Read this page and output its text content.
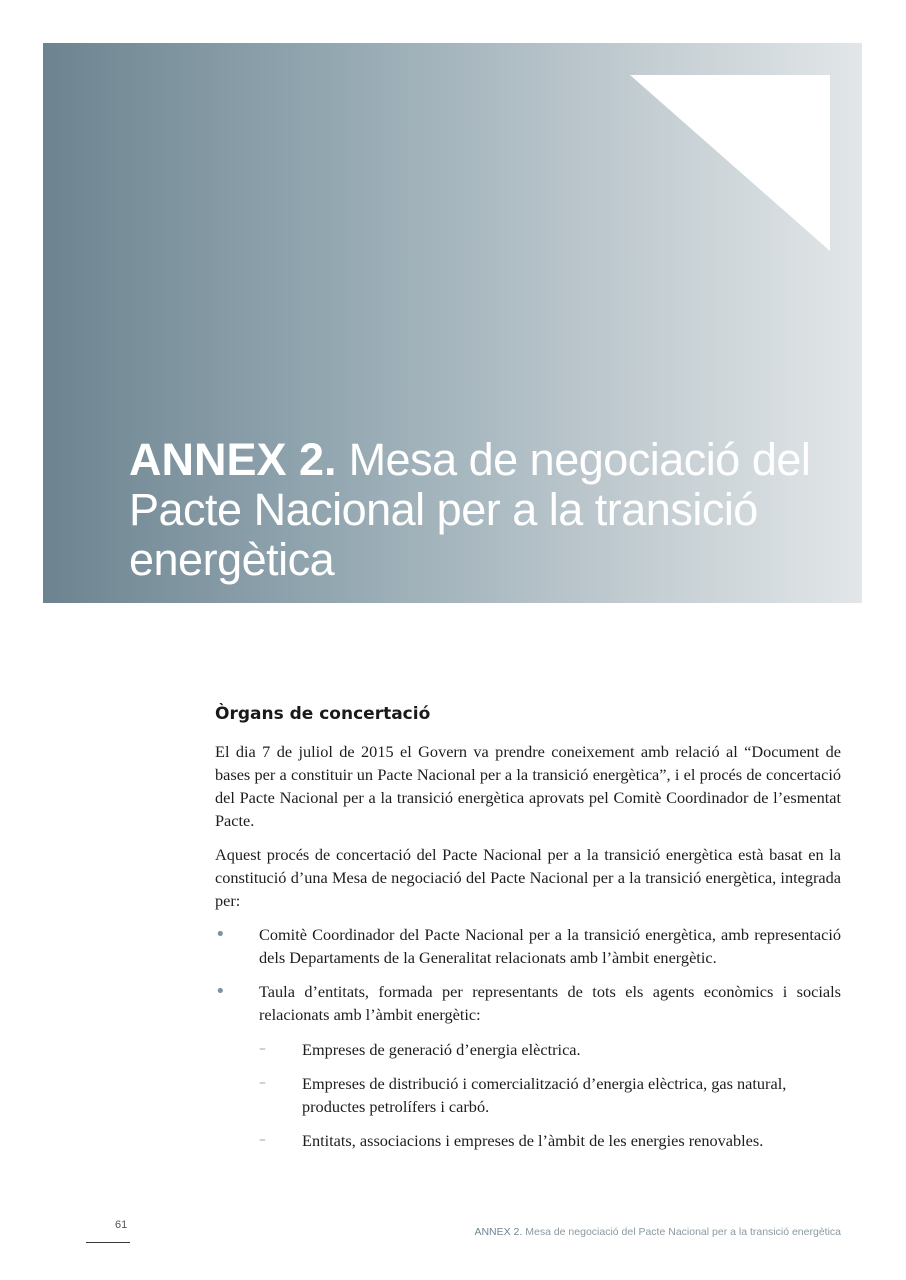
ANNEX 2. Mesa de negociació del Pacte Nacional per a la transició energètica
Òrgans de concertació

El dia 7 de juliol de 2015 el Govern va prendre coneixement amb relació al “Document de bases per a constituir un Pacte Nacional per a la transició energètica”, i el procés de concertació del Pacte Nacional per a la transició energètica aprovats pel Comitè Coordinador de l’esmentat Pacte.

Aquest procés de concertació del Pacte Nacional per a la transició energètica està basat en la constitució d’una Mesa de negociació del Pacte Nacional per a la transició energètica, integrada per:

• Comitè Coordinador del Pacte Nacional per a la transició energètica, amb representació dels Departaments de la Generalitat relacionats amb l’àmbit energètic.
• Taula d’entitats, formada per representants de tots els agents econòmics i socials relacionats amb l’àmbit energètic:
– Empreses de generació d’energia elèctrica.
– Empreses de distribució i comercialització d’energia elèctrica, gas natural, productes petrolífers i carbó.
– Entitats, associacions i empreses de l’àmbit de les energies renovables.
61
ANNEX 2. Mesa de negociació del Pacte Nacional per a la transició energètica
